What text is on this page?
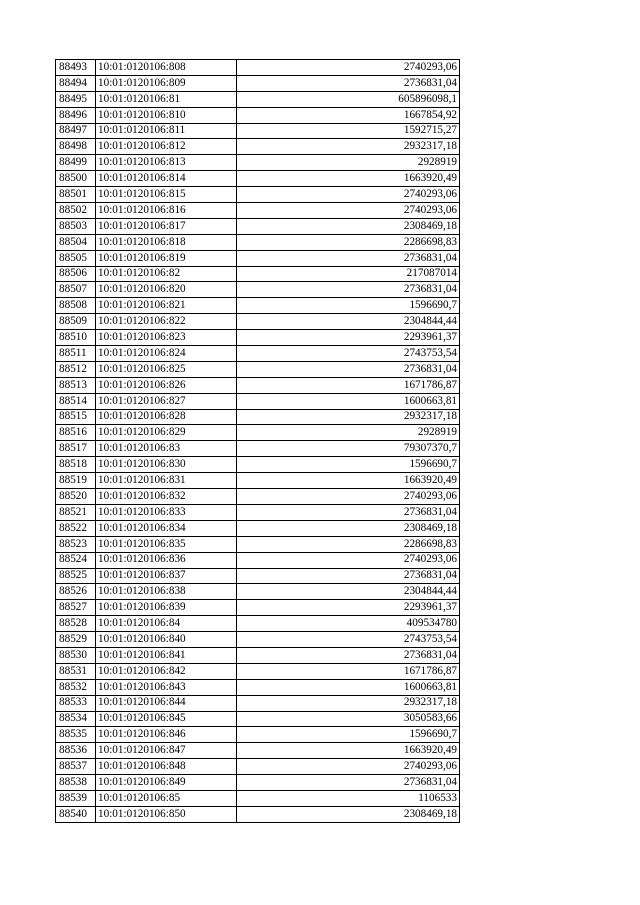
88493	10:01:0120106:808	2740293,06
88494	10:01:0120106:809	2736831,04
88495	10:01:0120106:81	605896098,1
88496	10:01:0120106:810	1667854,92
88497	10:01:0120106:811	1592715,27
88498	10:01:0120106:812	2932317,18
88499	10:01:0120106:813	2928919
88500	10:01:0120106:814	1663920,49
88501	10:01:0120106:815	2740293,06
88502	10:01:0120106:816	2740293,06
88503	10:01:0120106:817	2308469,18
88504	10:01:0120106:818	2286698,83
88505	10:01:0120106:819	2736831,04
88506	10:01:0120106:82	217087014
88507	10:01:0120106:820	2736831,04
88508	10:01:0120106:821	1596690,7
88509	10:01:0120106:822	2304844,44
88510	10:01:0120106:823	2293961,37
88511	10:01:0120106:824	2743753,54
88512	10:01:0120106:825	2736831,04
88513	10:01:0120106:826	1671786,87
88514	10:01:0120106:827	1600663,81
88515	10:01:0120106:828	2932317,18
88516	10:01:0120106:829	2928919
88517	10:01:0120106:83	79307370,7
88518	10:01:0120106:830	1596690,7
88519	10:01:0120106:831	1663920,49
88520	10:01:0120106:832	2740293,06
88521	10:01:0120106:833	2736831,04
88522	10:01:0120106:834	2308469,18
88523	10:01:0120106:835	2286698,83
88524	10:01:0120106:836	2740293,06
88525	10:01:0120106:837	2736831,04
88526	10:01:0120106:838	2304844,44
88527	10:01:0120106:839	2293961,37
88528	10:01:0120106:84	409534780
88529	10:01:0120106:840	2743753,54
88530	10:01:0120106:841	2736831,04
88531	10:01:0120106:842	1671786,87
88532	10:01:0120106:843	1600663,81
88533	10:01:0120106:844	2932317,18
88534	10:01:0120106:845	3050583,66
88535	10:01:0120106:846	1596690,7
88536	10:01:0120106:847	1663920,49
88537	10:01:0120106:848	2740293,06
88538	10:01:0120106:849	2736831,04
88539	10:01:0120106:85	1106533
88540	10:01:0120106:850	2308469,18
